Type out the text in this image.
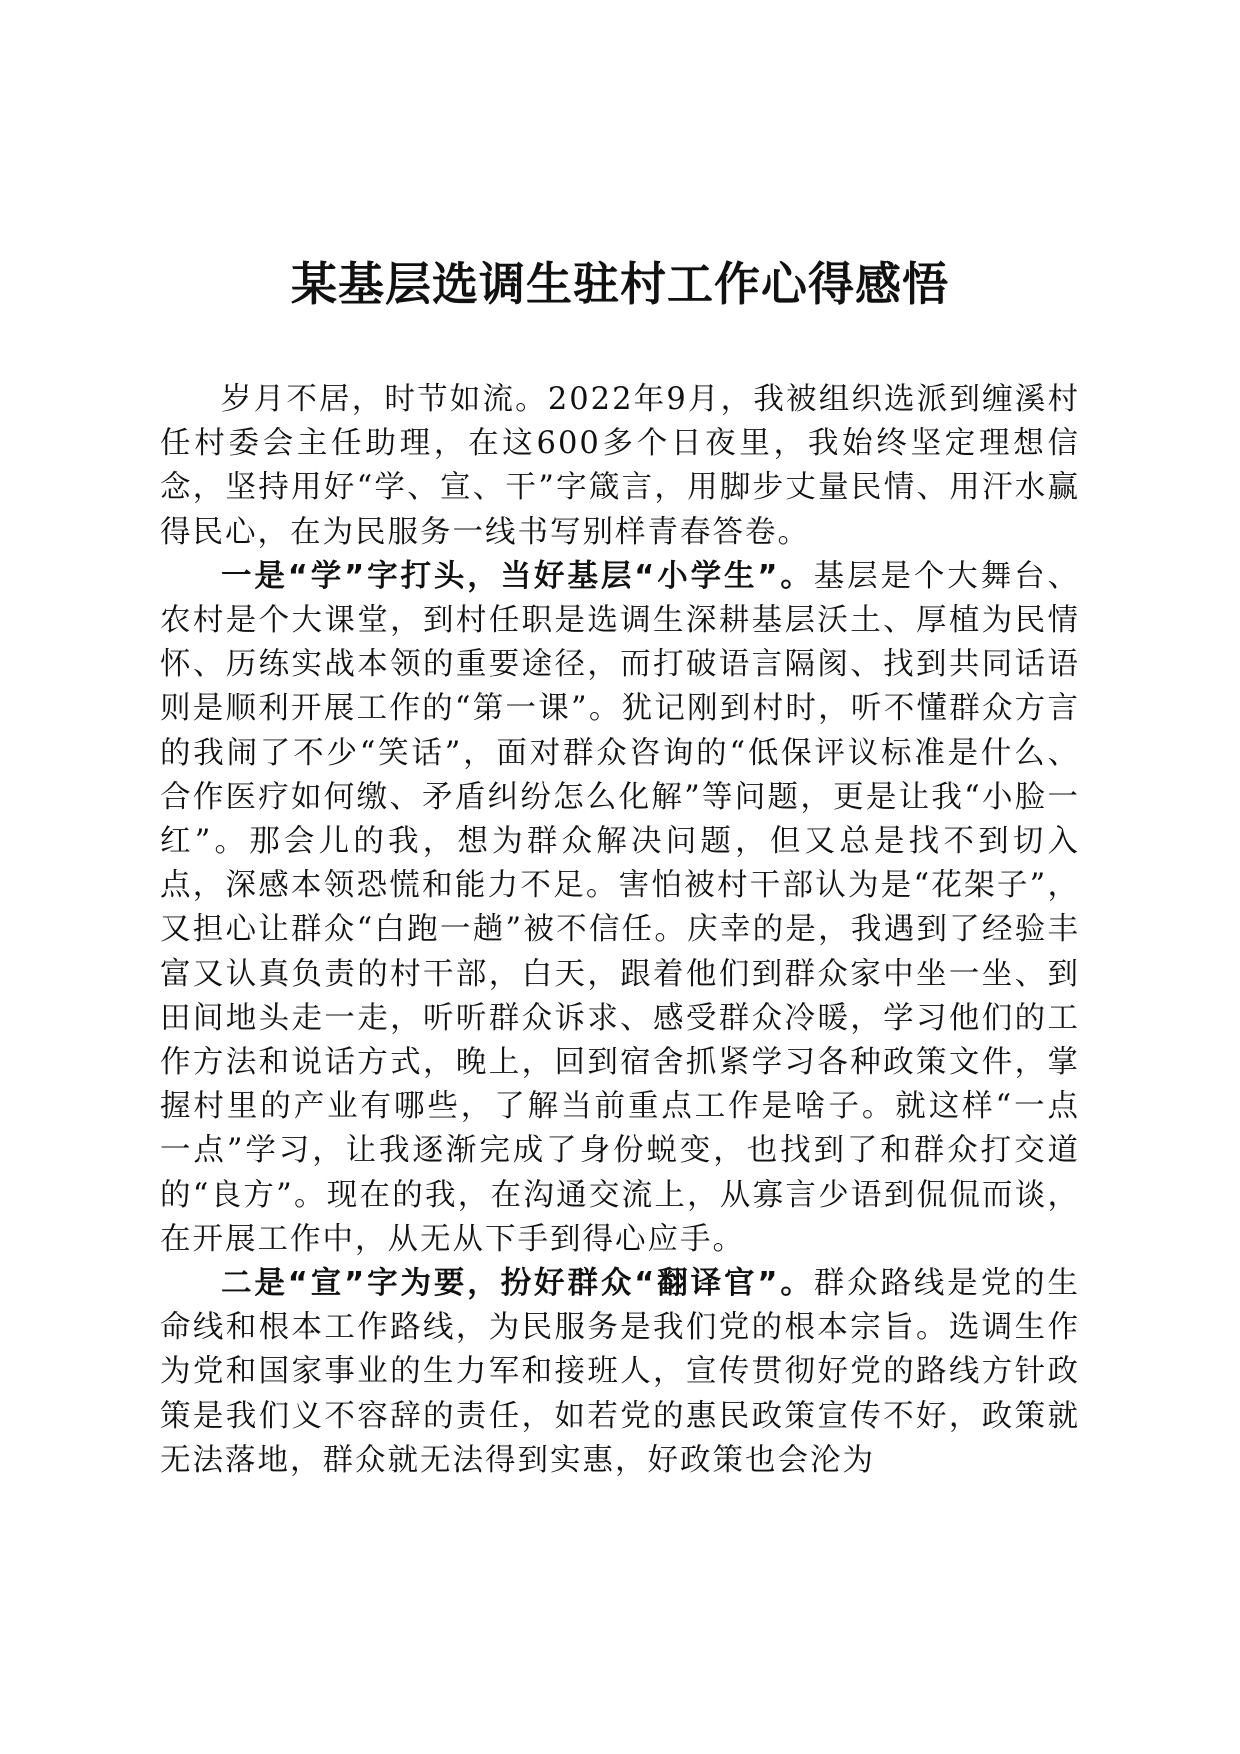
某基层选调生驻村工作心得感悟

岁月不居，时节如流。2022年9月，我被组织选派到缠溪村任村委会主任助理，在这600多个日夜里，我始终坚定理想信念，坚持用好“学、宣、干”字箴言，用脚步丈量民情、用汗水赢得民心，在为民服务一线书写别样青春答卷。

一是“学”字打头，当好基层“小学生”。基层是个大舞台、农村是个大课堂，到村任职是选调生深耕基层沃土、厚植为民情怀、历练实战本领的重要途径，而打破语言隔阂、找到共同话语则是顺利开展工作的“第一课”。犹记刚到村时，听不懂群众方言的我闹了不少“笑话”，面对群众咨询的“低保评议标准是什么、合作医疗如何缴、矛盾纠纷怎么化解”等问题，更是让我“小脸一红”。那会儿的我，想为群众解决问题，但又总是找不到切入点，深感本领恐慌和能力不足。害怕被村干部认为是“花架子”，又担心让群众“白跑一趟”被不信任。庆幸的是，我遇到了经验丰富又认真负责的村干部，白天，跟着他们到群众家中坐一坐、到田间地头走一走，听听群众诉求、感受群众冷暖，学习他们的工作方法和说话方式，晚上，回到宿舍抓紧学习各种政策文件，掌握村里的产业有哪些，了解当前重点工作是啥子。就这样“一点一点”学习，让我逐渐完成了身份蜕变，也找到了和群众打交道的“良方”。现在的我，在沟通交流上，从寡言少语到侃侃而谈，在开展工作中，从无从下手到得心应手。

二是“宣”字为要，扮好群众“翻译官”。群众路线是党的生命线和根本工作路线，为民服务是我们党的根本宗旨。选调生作为党和国家事业的生力军和接班人，宣传贯彻好党的路线方针政策是我们义不容辞的责任，如若党的惠民政策宣传不好，政策就无法落地，群众就无法得到实惠，好政策也会沦为
